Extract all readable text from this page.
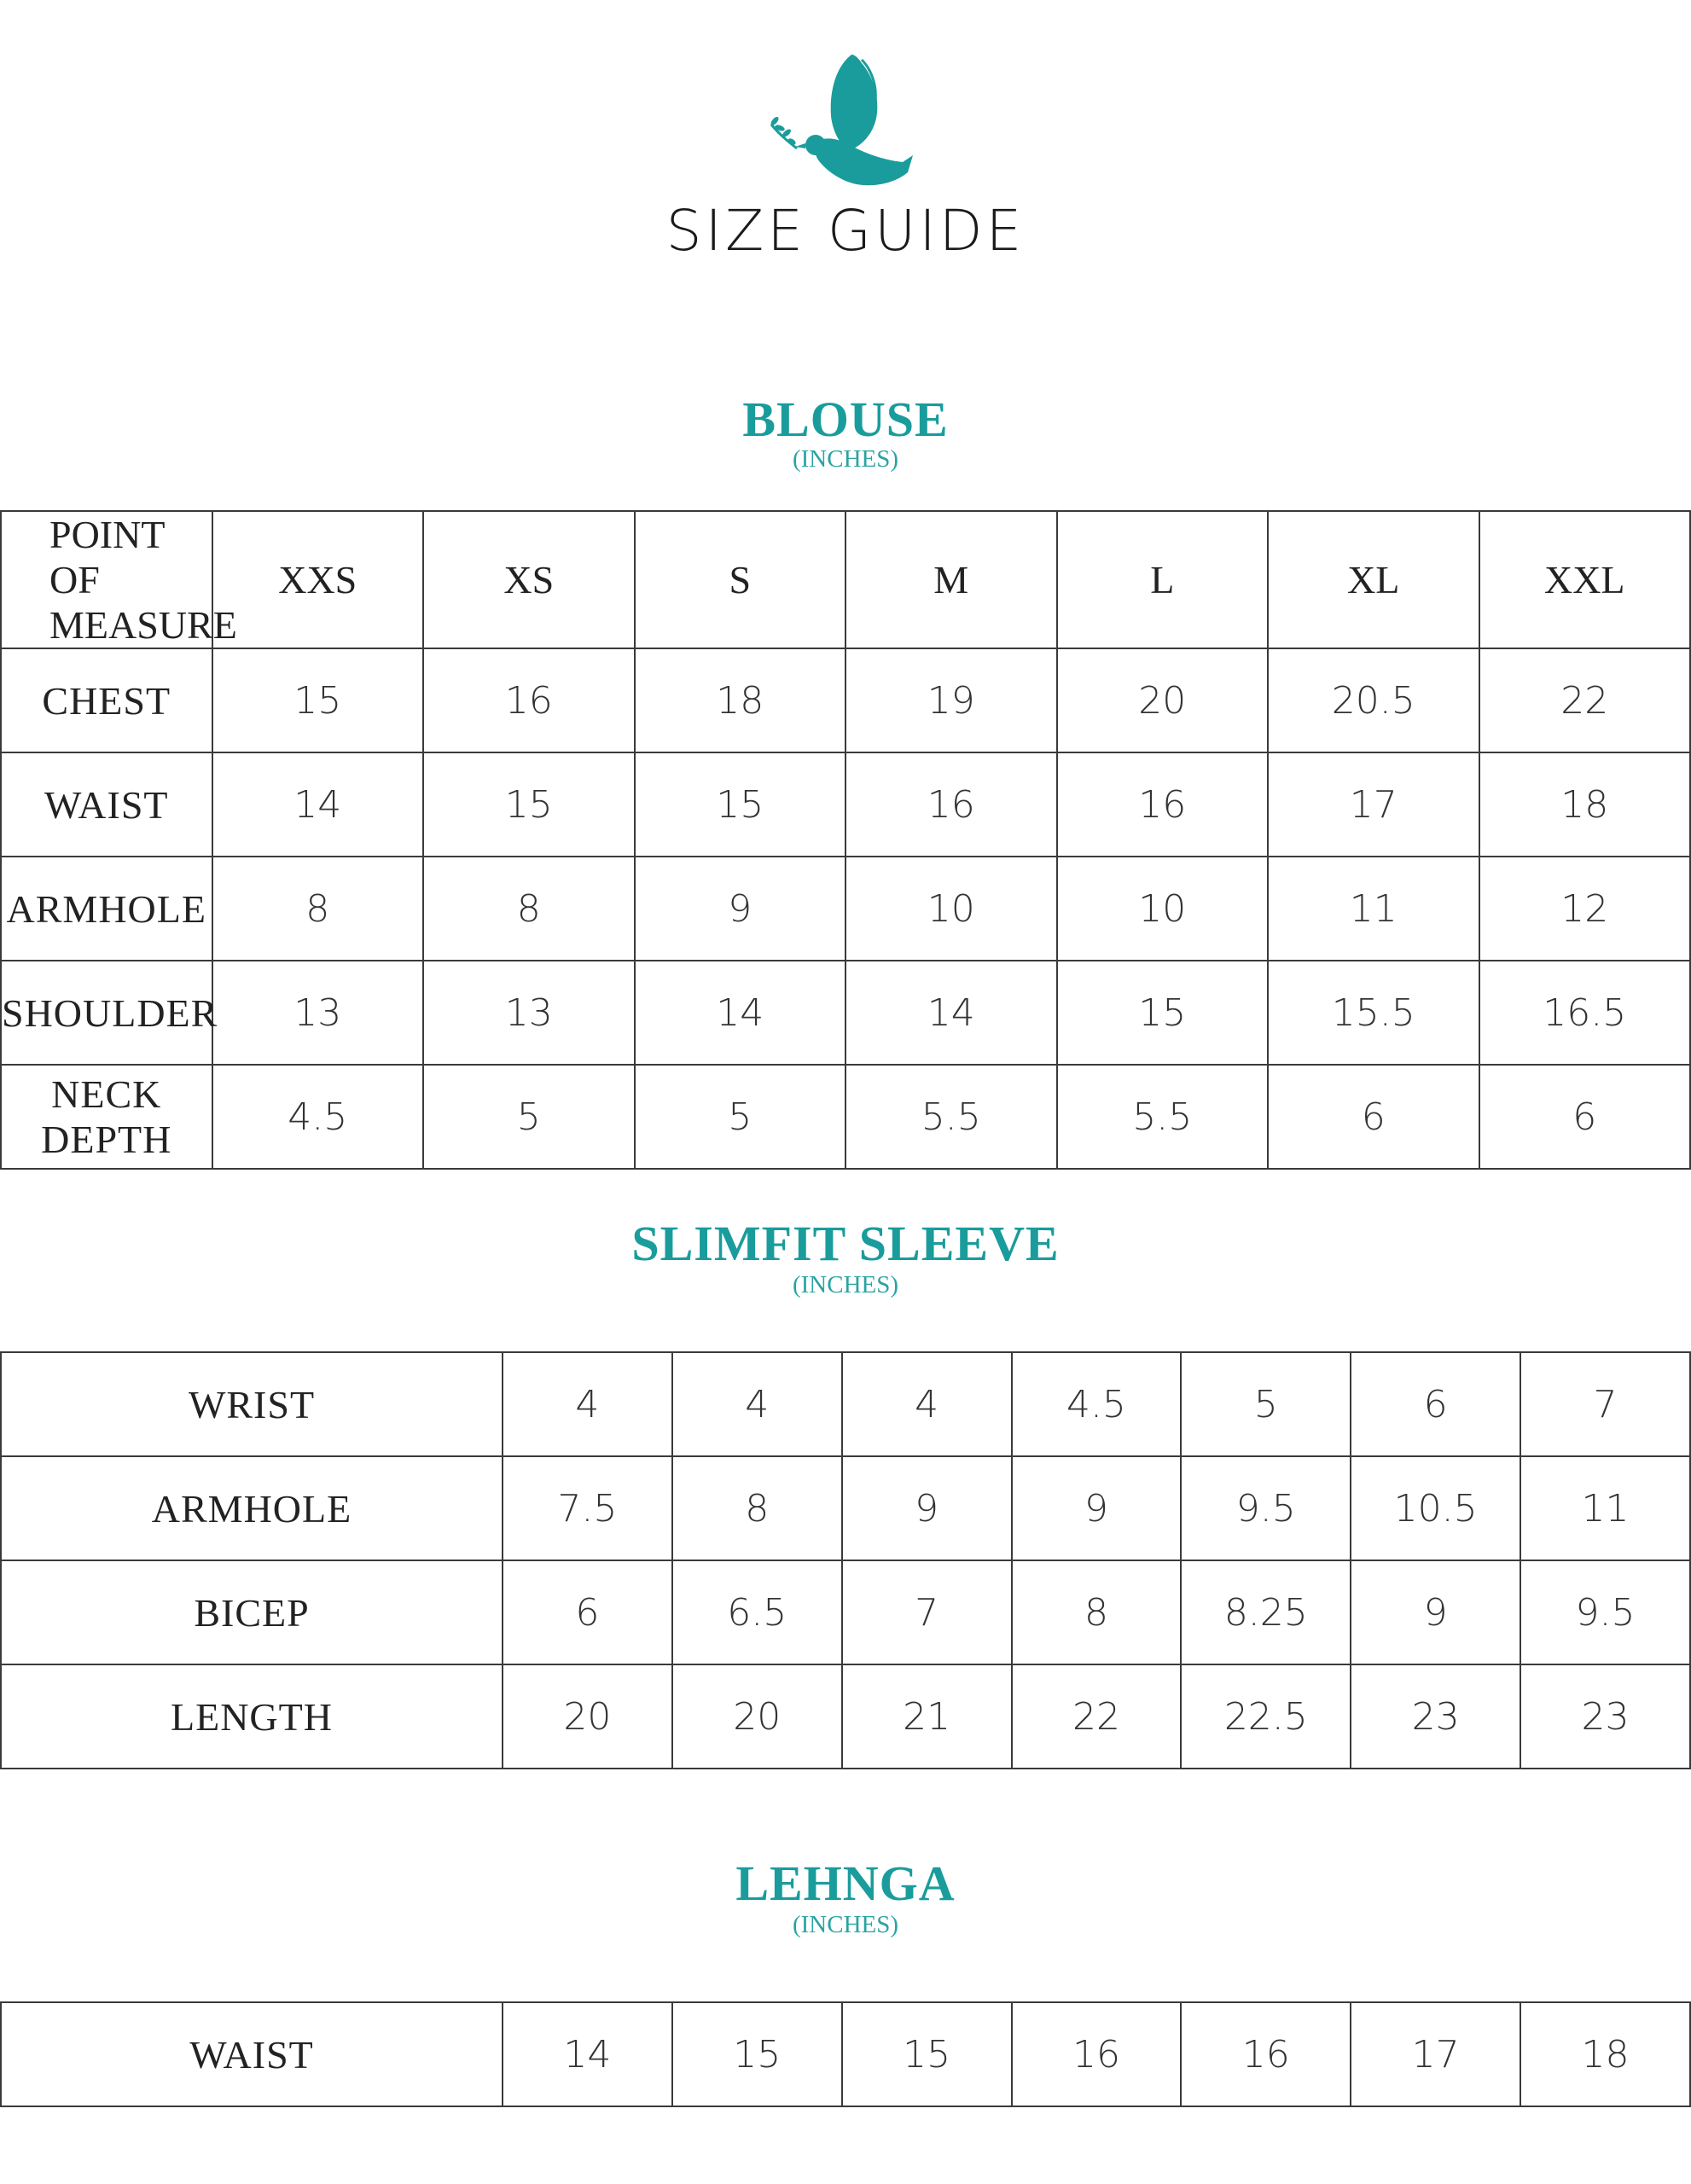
SIZE GUIDE
BLOUSE
(INCHES)
POINT OF MEASURE	XXS	XS	S	M	L	XL	XXL
CHEST	15	16	18	19	20	20.5	22
WAIST	14	15	15	16	16	17	18
ARMHOLE	8	8	9	10	10	11	12
SHOULDER	13	13	14	14	15	15.5	16.5
NECK DEPTH	4.5	5	5	5.5	5.5	6	6
SLIMFIT SLEEVE
(INCHES)
WRIST	4	4	4	4.5	5	6	7
ARMHOLE	7.5	8	9	9	9.5	10.5	11
BICEP	6	6.5	7	8	8.25	9	9.5
LENGTH	20	20	21	22	22.5	23	23
LEHNGA
(INCHES)
WAIST	14	15	15	16	16	17	18
